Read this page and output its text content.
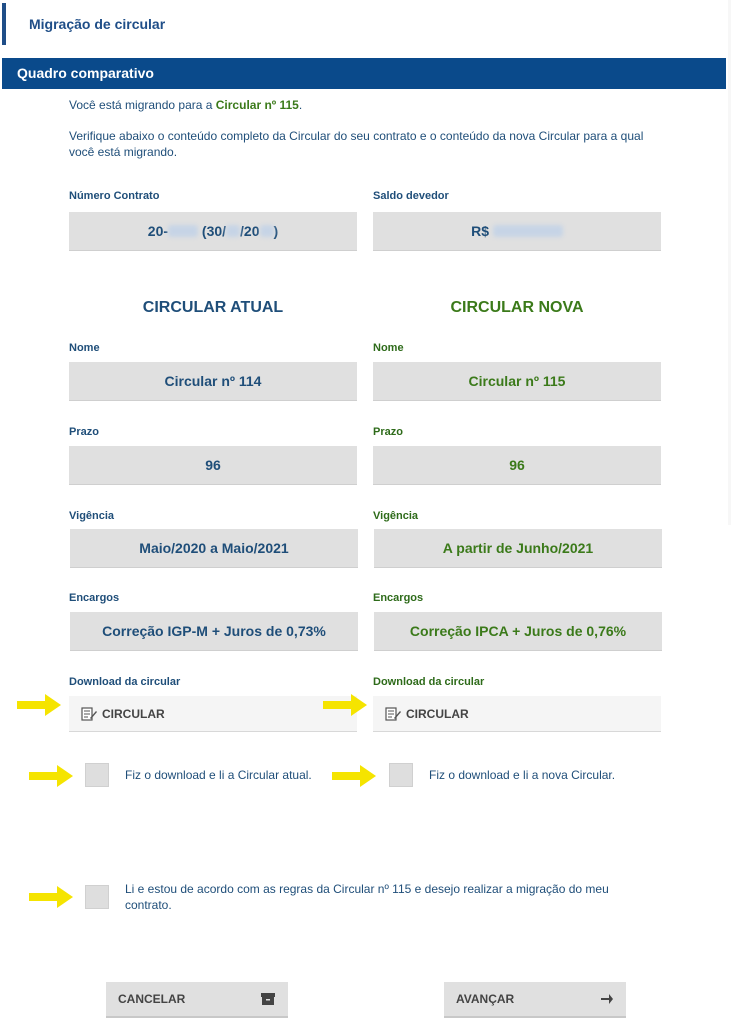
Migração de circular
Quadro comparativo
Você está migrando para a Circular nº 115.
Verifique abaixo o conteúdo completo da Circular do seu contrato e o conteúdo da nova Circular para a qual você está migrando.
Número Contrato
20-
(30/ /20 )
Saldo devedor
R$

CIRCULAR ATUAL	CIRCULAR NOVA
Nome
Circular nº 114
Nome
Circular nº 115
Prazo
96
Prazo
96
Vigência
Maio/2020 a Maio/2021
Vigência
A partir de Junho/2021
Encargos
Correção IGP-M + Juros de 0,73%
Encargos
Correção IPCA + Juros de 0,76%
Download da circular
CIRCULAR
Download da circular
CIRCULAR
Fiz o download e li a Circular atual.	Fiz o download e li a nova Circular.
Li e estou de acordo com as regras da Circular nº 115 e desejo realizar a migração do meu contrato.
CANCELAR	AVANÇAR
